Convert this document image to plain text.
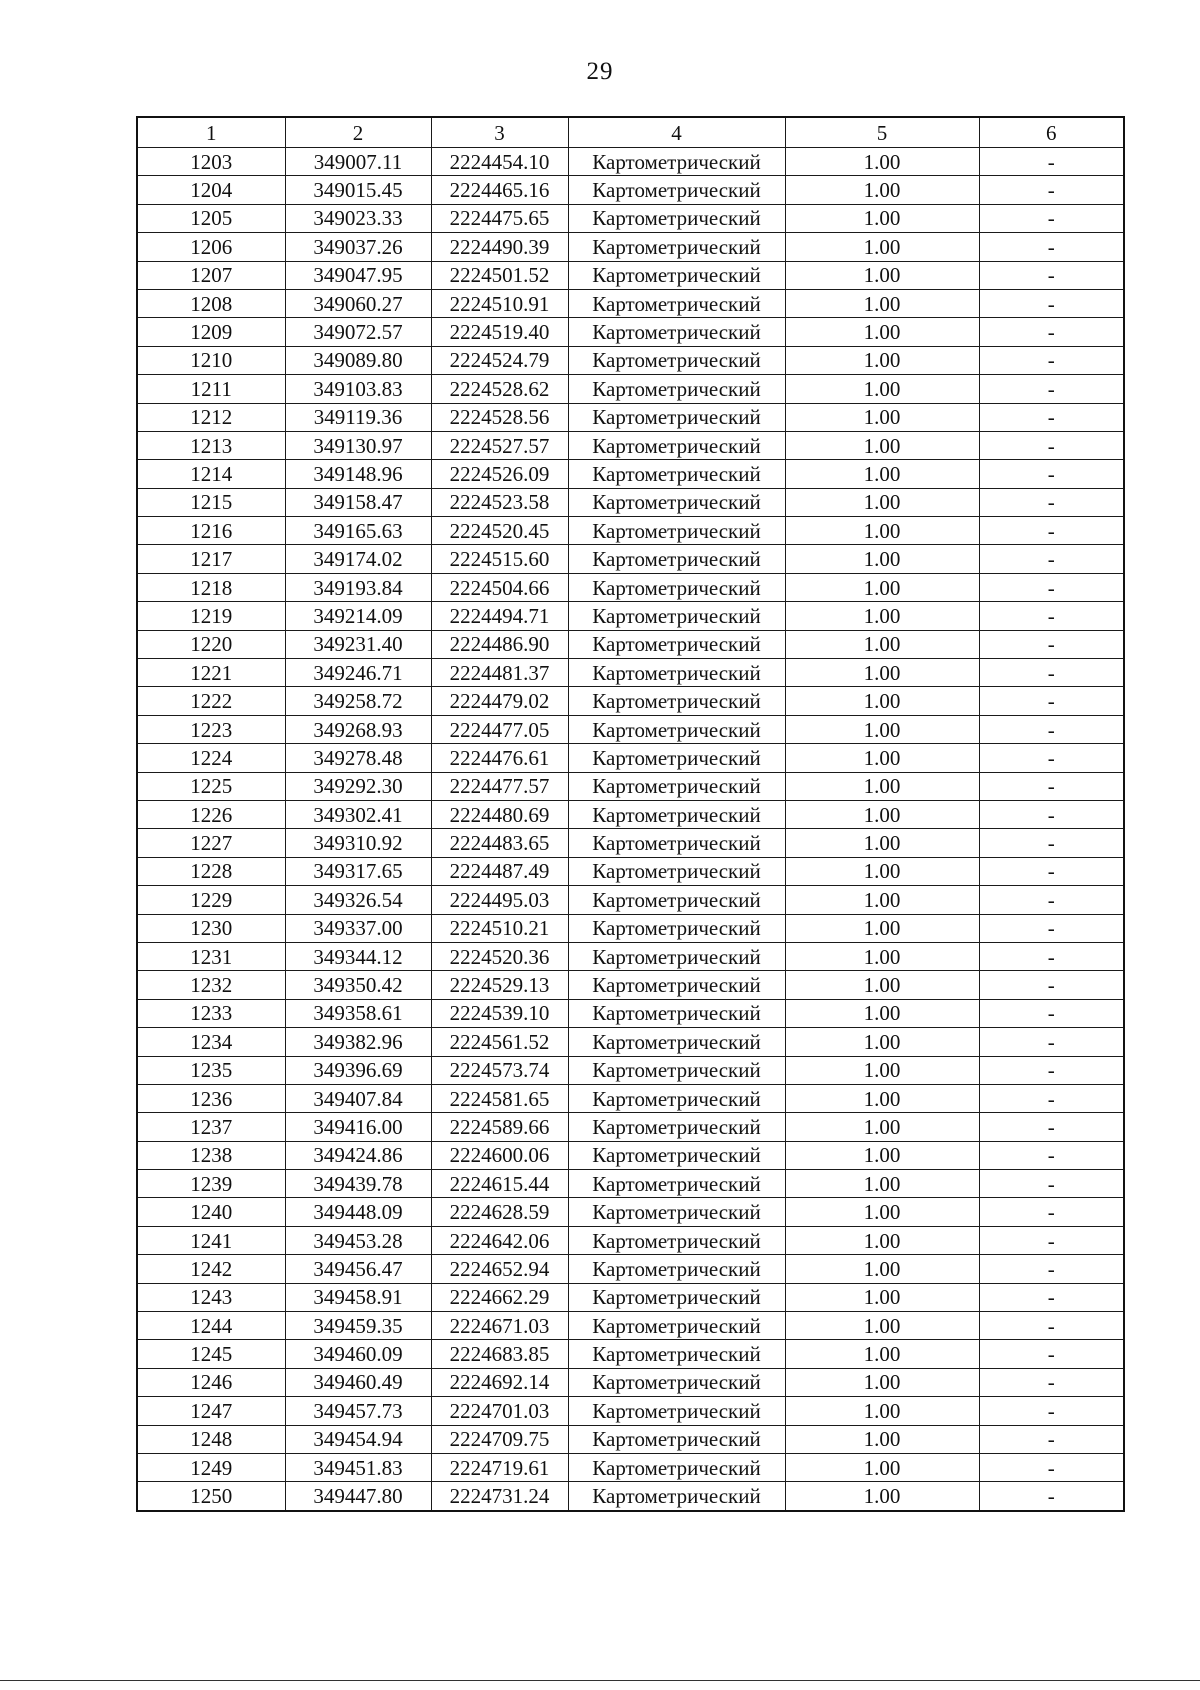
29
1	2	3	4	5	6
1203	349007.11	2224454.10	Картометрический	1.00	-
1204	349015.45	2224465.16	Картометрический	1.00	-
1205	349023.33	2224475.65	Картометрический	1.00	-
1206	349037.26	2224490.39	Картометрический	1.00	-
1207	349047.95	2224501.52	Картометрический	1.00	-
1208	349060.27	2224510.91	Картометрический	1.00	-
1209	349072.57	2224519.40	Картометрический	1.00	-
1210	349089.80	2224524.79	Картометрический	1.00	-
1211	349103.83	2224528.62	Картометрический	1.00	-
1212	349119.36	2224528.56	Картометрический	1.00	-
1213	349130.97	2224527.57	Картометрический	1.00	-
1214	349148.96	2224526.09	Картометрический	1.00	-
1215	349158.47	2224523.58	Картометрический	1.00	-
1216	349165.63	2224520.45	Картометрический	1.00	-
1217	349174.02	2224515.60	Картометрический	1.00	-
1218	349193.84	2224504.66	Картометрический	1.00	-
1219	349214.09	2224494.71	Картометрический	1.00	-
1220	349231.40	2224486.90	Картометрический	1.00	-
1221	349246.71	2224481.37	Картометрический	1.00	-
1222	349258.72	2224479.02	Картометрический	1.00	-
1223	349268.93	2224477.05	Картометрический	1.00	-
1224	349278.48	2224476.61	Картометрический	1.00	-
1225	349292.30	2224477.57	Картометрический	1.00	-
1226	349302.41	2224480.69	Картометрический	1.00	-
1227	349310.92	2224483.65	Картометрический	1.00	-
1228	349317.65	2224487.49	Картометрический	1.00	-
1229	349326.54	2224495.03	Картометрический	1.00	-
1230	349337.00	2224510.21	Картометрический	1.00	-
1231	349344.12	2224520.36	Картометрический	1.00	-
1232	349350.42	2224529.13	Картометрический	1.00	-
1233	349358.61	2224539.10	Картометрический	1.00	-
1234	349382.96	2224561.52	Картометрический	1.00	-
1235	349396.69	2224573.74	Картометрический	1.00	-
1236	349407.84	2224581.65	Картометрический	1.00	-
1237	349416.00	2224589.66	Картометрический	1.00	-
1238	349424.86	2224600.06	Картометрический	1.00	-
1239	349439.78	2224615.44	Картометрический	1.00	-
1240	349448.09	2224628.59	Картометрический	1.00	-
1241	349453.28	2224642.06	Картометрический	1.00	-
1242	349456.47	2224652.94	Картометрический	1.00	-
1243	349458.91	2224662.29	Картометрический	1.00	-
1244	349459.35	2224671.03	Картометрический	1.00	-
1245	349460.09	2224683.85	Картометрический	1.00	-
1246	349460.49	2224692.14	Картометрический	1.00	-
1247	349457.73	2224701.03	Картометрический	1.00	-
1248	349454.94	2224709.75	Картометрический	1.00	-
1249	349451.83	2224719.61	Картометрический	1.00	-
1250	349447.80	2224731.24	Картометрический	1.00	-
